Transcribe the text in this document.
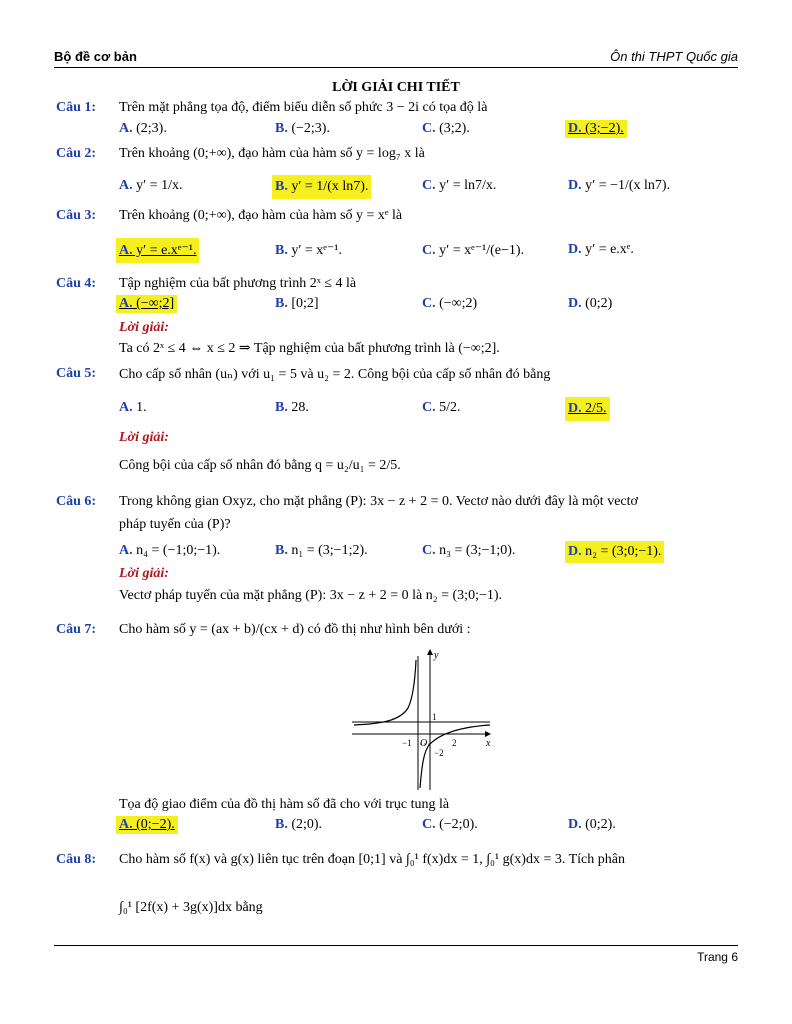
Bộ đề cơ bản	Ôn thi THPT Quốc gia
LỜI GIẢI CHI TIẾT
Câu 1: Trên mặt phẳng tọa độ, điểm biểu diễn số phức 3 − 2i có tọa độ là
A. (2;3).	B. (−2;3).	C. (3;2).	D. (3;−2).
Câu 2: Trên khoảng (0;+∞), đạo hàm của hàm số y = log₇ x là
A. y′ = 1/x.	B. y′ = 1/(x ln7).	C. y′ = ln7/x.	D. y′ = −1/(x ln7).
Câu 3: Trên khoảng (0;+∞), đạo hàm của hàm số y = xᵉ là
A. y′ = e.xᵉ⁻¹.	B. y′ = xᵉ⁻¹.	C. y′ = xᵉ⁻¹/(e−1).	D. y′ = e.xᵉ.
Câu 4: Tập nghiệm của bất phương trình 2ˣ ≤ 4 là
A. (−∞;2]	B. [0;2]	C. (−∞;2)	D. (0;2)
Lời giải:
Ta có 2ˣ ≤ 4 ⇔ x ≤ 2 ⇒ Tập nghiệm của bất phương trình là (−∞;2].
Câu 5: Cho cấp số nhân (uₙ) với u₁ = 5 và u₂ = 2. Công bội của cấp số nhân đó bằng
A. 1.	B. 28.	C. 5/2.	D. 2/5.
Lời giải:
Công bội của cấp số nhân đó bằng q = u₂/u₁ = 2/5.
Câu 6: Trong không gian Oxyz, cho mặt phẳng (P): 3x − z + 2 = 0. Vectơ nào dưới đây là một vectơ
pháp tuyến của (P)?
A. n₄ = (−1;0;−1).	B. n₁ = (3;−1;2).	C. n₃ = (3;−1;0).	D. n₂ = (3;0;−1).
Lời giải:
Vectơ pháp tuyến của mặt phẳng (P): 3x − z + 2 = 0 là n₂ = (3;0;−1).
Câu 7: Cho hàm số y = (ax + b)/(cx + d) có đồ thị như hình bên dưới :
y
x
O
1
−1	2
−2
Tọa độ giao điểm của đồ thị hàm số đã cho với trục tung là
A. (0;−2).	B. (2;0).	C. (−2;0).	D. (0;2).
Câu 8: Cho hàm số f(x) và g(x) liên tục trên đoạn [0;1] và ∫₀¹ f(x)dx = 1, ∫₀¹ g(x)dx = 3. Tích phân
∫₀¹ [2f(x) + 3g(x)]dx bằng
Trang 6
